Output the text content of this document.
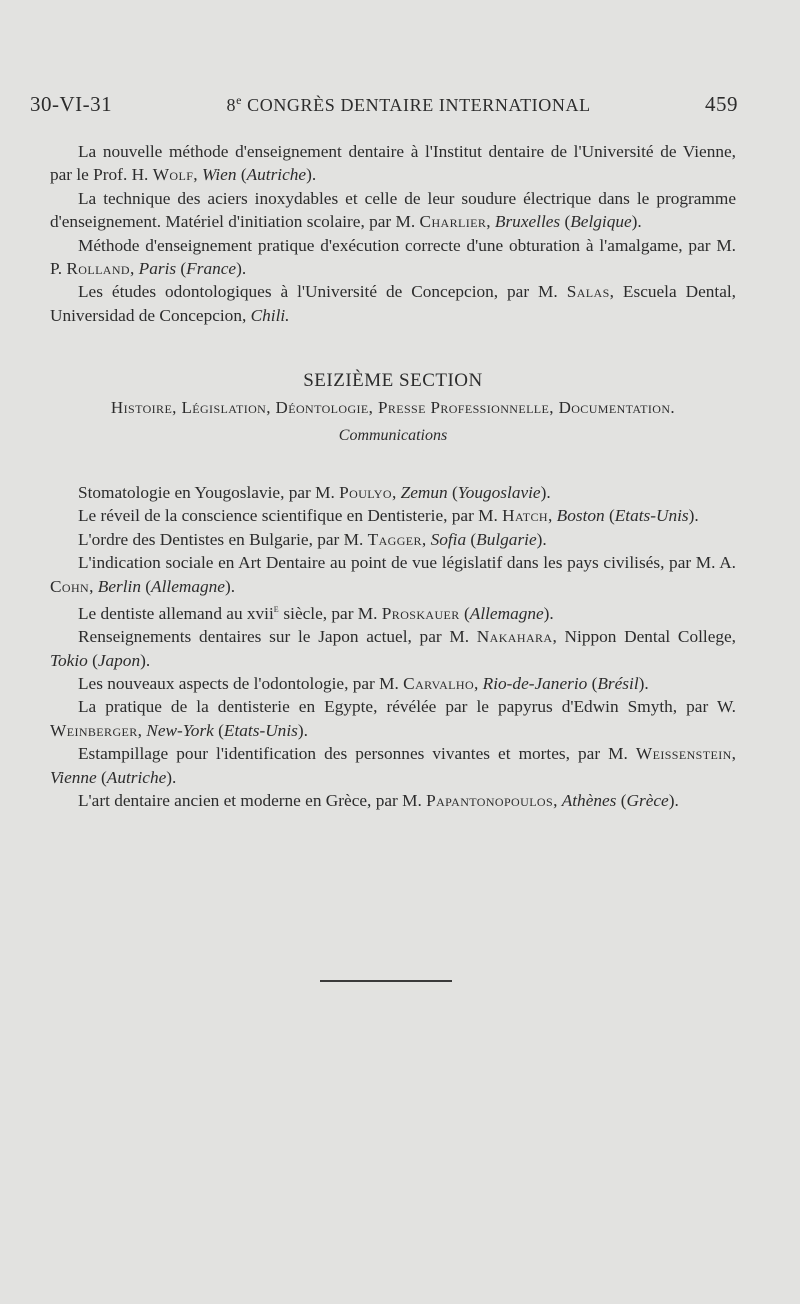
30-VI-31	8e CONGRÈS DENTAIRE INTERNATIONAL	459

La nouvelle méthode d'enseignement dentaire à l'Institut dentaire de l'Université de Vienne, par le Prof. H. Wolf, Wien (Autriche).

La technique des aciers inoxydables et celle de leur soudure électrique dans le programme d'enseignement. Matériel d'initiation scolaire, par M. Charlier, Bruxelles (Belgique).

Méthode d'enseignement pratique d'exécution correcte d'une obturation à l'amalgame, par M. P. Rolland, Paris (France).

Les études odontologiques à l'Université de Concepcion, par M. Salas, Escuela Dental, Universidad de Concepcion, Chili.

SEIZIÈME SECTION

Histoire, Législation, Déontologie, Presse Professionnelle, Documentation.

Communications

Stomatologie en Yougoslavie, par M. Poulyo, Zemun (Yougoslavie).

Le réveil de la conscience scientifique en Dentisterie, par M. Hatch, Boston (Etats-Unis).

L'ordre des Dentistes en Bulgarie, par M. Tagger, Sofia (Bulgarie).

L'indication sociale en Art Dentaire au point de vue législatif dans les pays civilisés, par M. A. Cohn, Berlin (Allemagne).

Le dentiste allemand au xvii$^e$ siècle, par M. Proskauer (Allemagne).

Renseignements dentaires sur le Japon actuel, par M. Nakahara, Nippon Dental College, Tokio (Japon).

Les nouveaux aspects de l'odontologie, par M. Carvalho, Rio-de-Janerio (Brésil).

La pratique de la dentisterie en Egypte, révélée par le papyrus d'Edwin Smyth, par W. Weinberger, New-York (Etats-Unis).

Estampillage pour l'identification des personnes vivantes et mortes, par M. Weissenstein, Vienne (Autriche).

L'art dentaire ancien et moderne en Grèce, par M. Papantonopoulos, Athènes (Grèce).
